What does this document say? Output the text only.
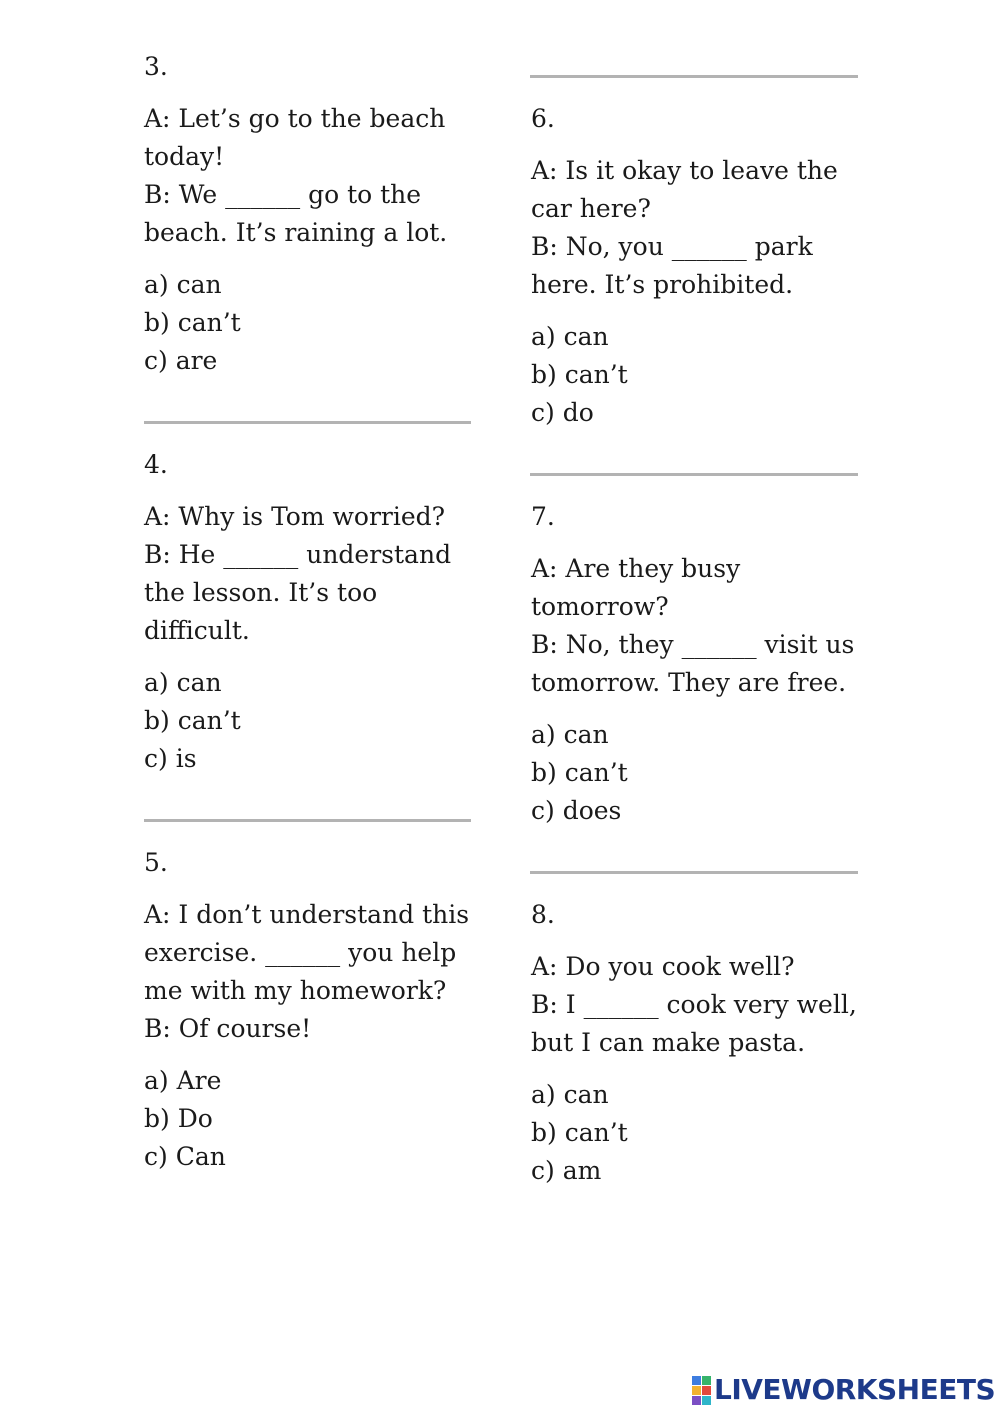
3.
A: Let’s go to the beach
today!
B: We ______ go to the
beach. It’s raining a lot.
a) can
b) can’t
c) are
4.
A: Why is Tom worried?
B: He ______ understand
the lesson. It’s too
difficult.
a) can
b) can’t
c) is
5.
A: I don’t understand this
exercise. ______ you help
me with my homework?
B: Of course!
a) Are
b) Do
c) Can
6.
A: Is it okay to leave the
car here?
B: No, you ______ park
here. It’s prohibited.
a) can
b) can’t
c) do
7.
A: Are they busy
tomorrow?
B: No, they ______ visit us
tomorrow. They are free.
a) can
b) can’t
c) does
8.
A: Do you cook well?
B: I ______ cook very well,
but I can make pasta.
a) can
b) can’t
c) am
LIVEWORKSHEETS
